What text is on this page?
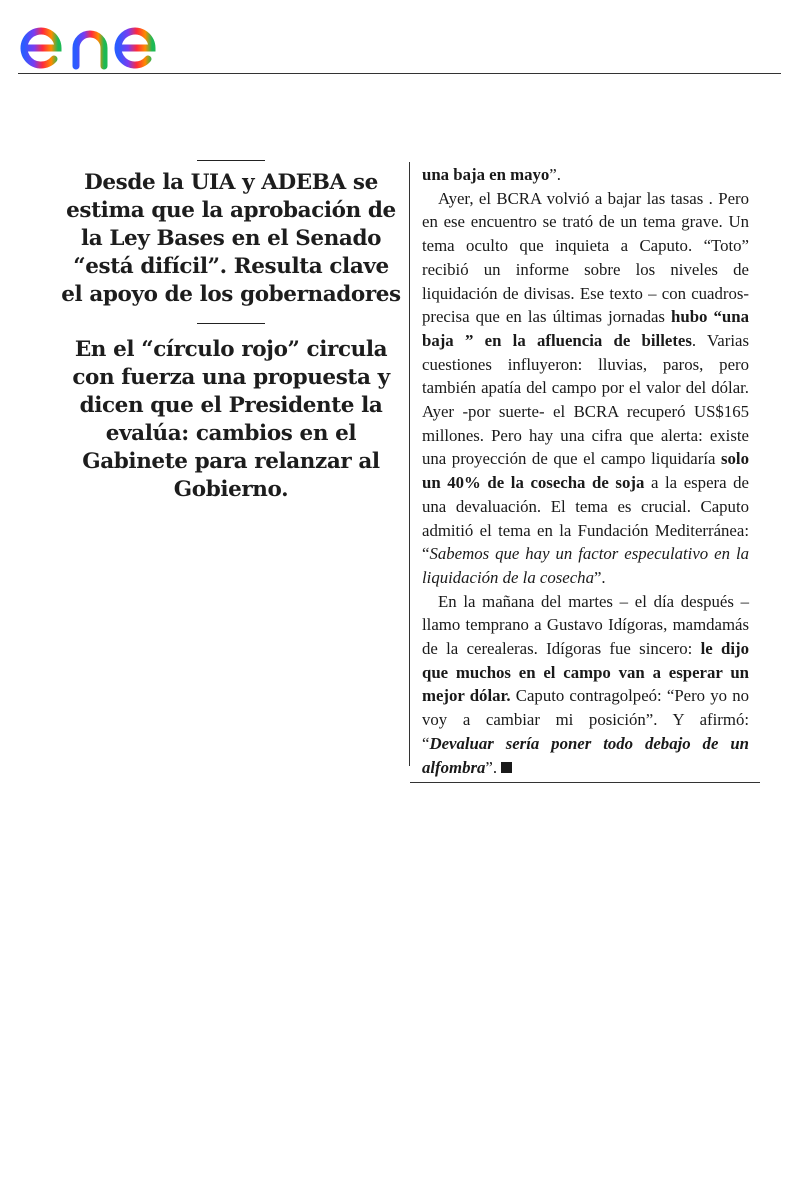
Desde la UIA y ADEBA se estima que la aprobación de la Ley Bases en el Senado “está difícil”. Resulta clave el apoyo de los gobernadores

En el “círculo rojo” circula con fuerza una propuesta y dicen que el Presidente la evalúa: cambios en el Gabinete para relanzar al Gobierno.

una baja en mayo”.

Ayer, el BCRA volvió a bajar las tasas . Pero en ese encuentro se trató de un tema grave. Un tema oculto que inquieta a Caputo. “Toto” recibió un informe sobre los niveles de liquidación de divisas. Ese texto – con cuadros- precisa que en las últimas jornadas hubo “una baja ” en la afluencia de billetes. Varias cuestiones influyeron: lluvias, paros, pero también apatía del campo por el valor del dólar. Ayer -por suerte- el BCRA recuperó US$165 millones. Pero hay una cifra que alerta: existe una proyección de que el campo liquidaría solo un 40% de la cosecha de soja a la espera de una devaluación. El tema es crucial. Caputo admitió el tema en la Fundación Mediterránea: “Sabemos que hay un factor especulativo en la liquidación de la cosecha”.

En la mañana del martes – el día después – llamo temprano a Gustavo Idígoras, mamdamás de la cerealeras. Idígoras fue sincero: le dijo que muchos en el campo van a esperar un mejor dólar. Caputo contragolpeó: “Pero yo no voy a cambiar mi posición”. Y afirmó: “Devaluar sería poner todo debajo de un alfombra”.
